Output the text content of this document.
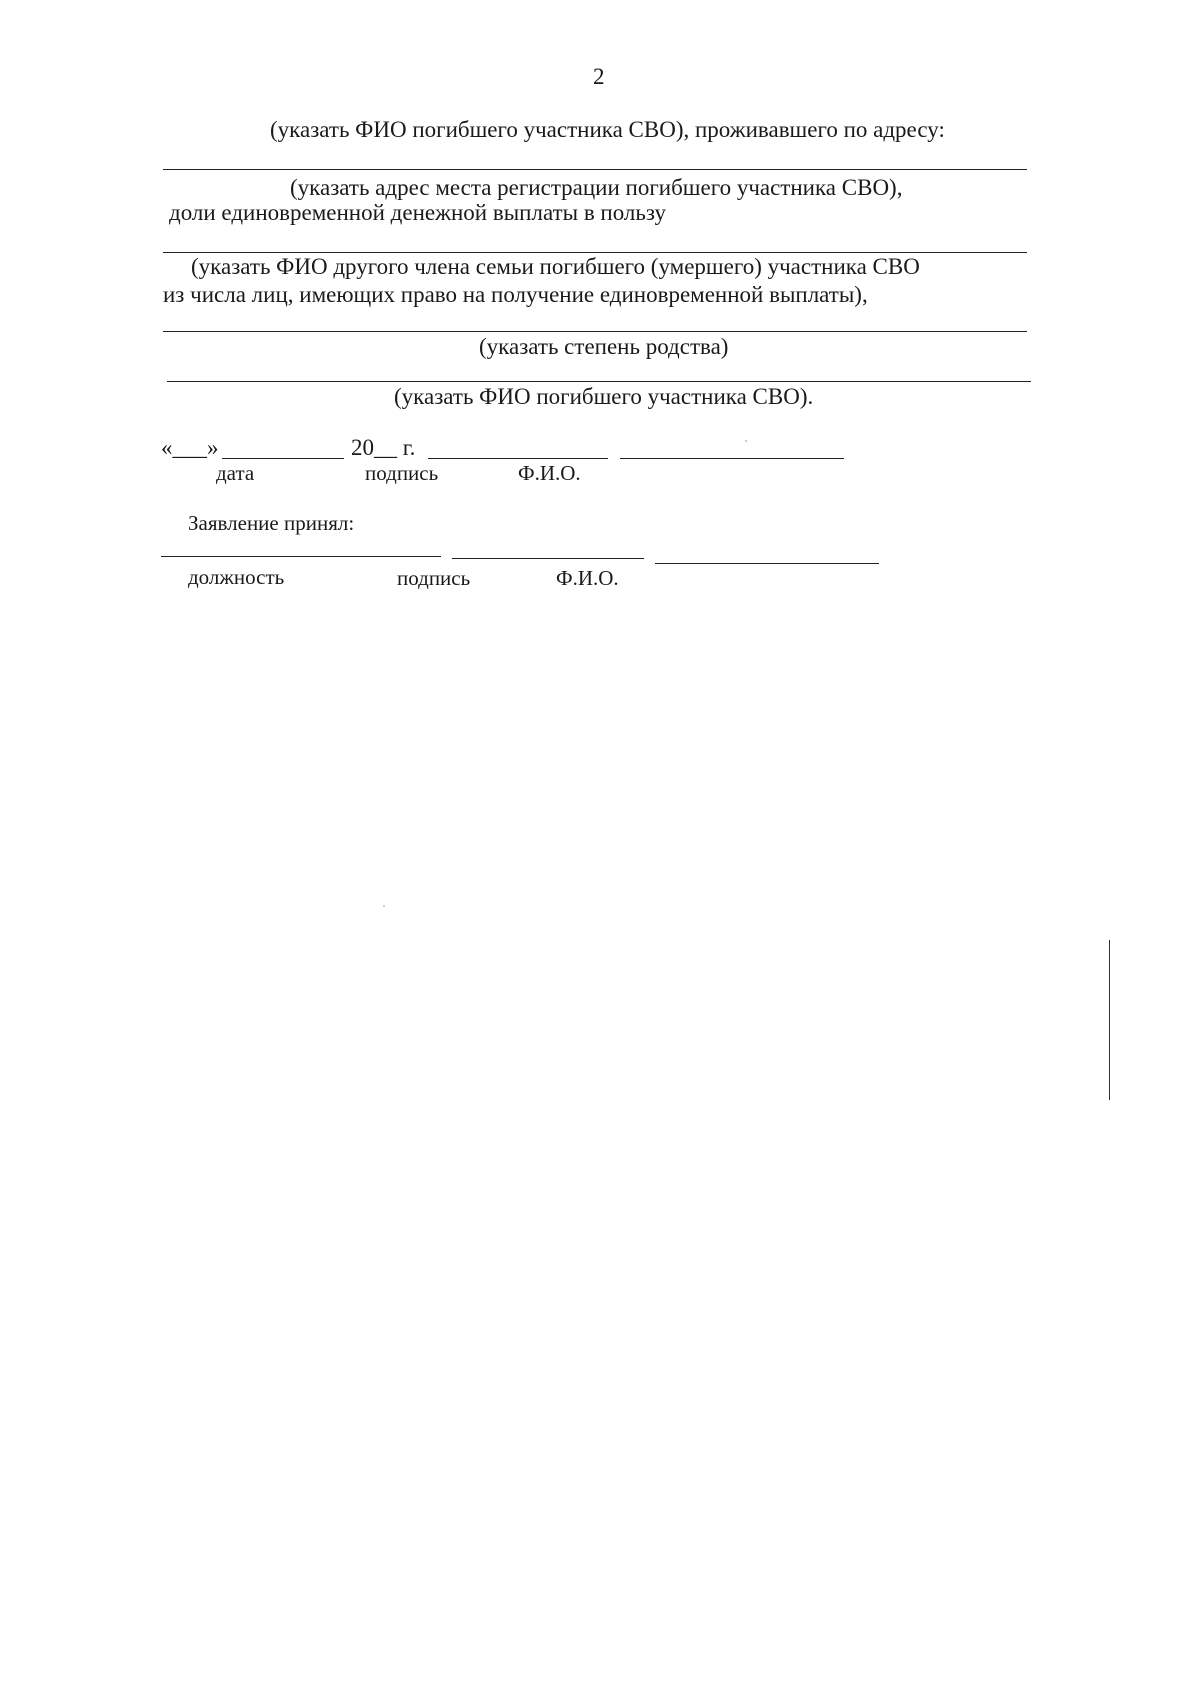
2
(указать ФИО погибшего участника СВО), проживавшего по адресу:
(указать адрес места регистрации погибшего участника СВО),
доли единовременной денежной выплаты в пользу
(указать ФИО другого члена семьи погибшего (умершего) участника СВО
из числа лиц, имеющих право на получение единовременной выплаты),
(указать степень родства)
(указать ФИО погибшего участника СВО).
«___»	20__ г.
дата	подпись	Ф.И.О.
Заявление принял:
должность	подпись	Ф.И.О.
